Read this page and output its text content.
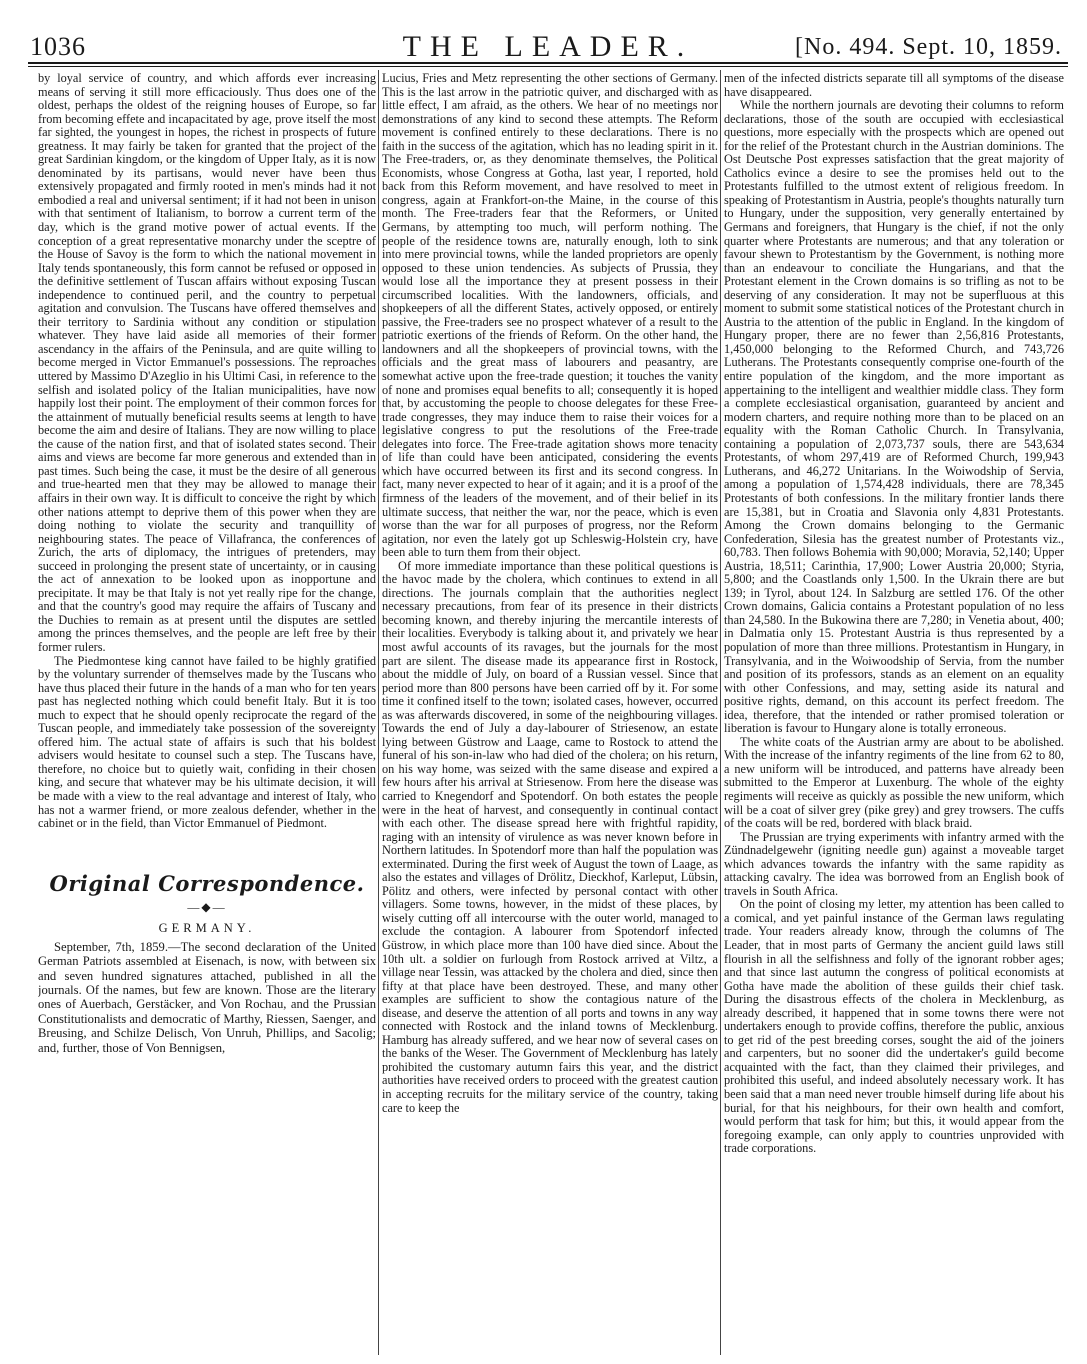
1036	THE LEADER.	[No. 494. Sept. 10, 1859.

by loyal service of country, and which affords ever increasing means of serving it still more efficaciously. Thus does one of the oldest, perhaps the oldest of the reigning houses of Europe, so far from becoming effete and incapacitated by age, prove itself the most far sighted, the youngest in hopes, the richest in prospects of future greatness. It may fairly be taken for granted that the project of the great Sardinian kingdom, or the kingdom of Upper Italy, as it is now denominated by its partisans, would never have been thus extensively propagated and firmly rooted in men's minds had it not embodied a real and universal sentiment; if it had not been in unison with that sentiment of Italianism, to borrow a current term of the day, which is the grand motive power of actual events. If the conception of a great representative monarchy under the sceptre of the House of Savoy is the form to which the national movement in Italy tends spontaneously, this form cannot be refused or opposed in the definitive settlement of Tuscan affairs without exposing Tuscan independence to continued peril, and the country to perpetual agitation and convulsion. The Tuscans have offered themselves and their territory to Sardinia without any condition or stipulation whatever. They have laid aside all memories of their former ascendancy in the affairs of the Peninsula, and are quite willing to become merged in Victor Emmanuel's possessions. The reproaches uttered by Massimo D'Azeglio in his Ultimi Casi, in reference to the selfish and isolated policy of the Italian municipalities, have now happily lost their point. The employment of their common forces for the attainment of mutually beneficial results seems at length to have become the aim and desire of Italians. They are now willing to place the cause of the nation first, and that of isolated states second. Their aims and views are become far more generous and extended than in past times. Such being the case, it must be the desire of all generous and true-hearted men that they may be allowed to manage their affairs in their own way. It is difficult to conceive the right by which other nations attempt to deprive them of this power when they are doing nothing to violate the security and tranquillity of neighbouring states. The peace of Villafranca, the conferences of Zurich, the arts of diplomacy, the intrigues of pretenders, may succeed in prolonging the present state of uncertainty, or in causing the act of annexation to be looked upon as inopportune and precipitate. It may be that Italy is not yet really ripe for the change, and that the country's good may require the affairs of Tuscany and the Duchies to remain as at present until the disputes are settled among the princes themselves, and the people are left free by their former rulers.

The Piedmontese king cannot have failed to be highly gratified by the voluntary surrender of themselves made by the Tuscans who have thus placed their future in the hands of a man who for ten years past has neglected nothing which could benefit Italy. But it is too much to expect that he should openly reciprocate the regard of the Tuscan people, and immediately take possession of the sovereignty offered him. The actual state of affairs is such that his boldest advisers would hesitate to counsel such a step. The Tuscans have, therefore, no choice but to quietly wait, confiding in their chosen king, and secure that whatever may be his ultimate decision, it will be made with a view to the real advantage and interest of Italy, who has not a warmer friend, or more zealous defender, whether in the cabinet or in the field, than Victor Emmanuel of Piedmont.

Original Correspondence.
—◆—
GERMANY.

September, 7th, 1859.—The second declaration of the United German Patriots assembled at Eisenach, is now, with between six and seven hundred signatures attached, published in all the journals. Of the names, but few are known. Those are the literary ones of Auerbach, Gerstäcker, and Von Rochau, and the Prussian Constitutionalists and democratic of Marthy, Riessen, Saenger, and Breusing, and Schilze Delisch, Von Unruh, Phillips, and Sacolig; and, further, those of Von Bennigsen,

Lucius, Fries and Metz representing the other sections of Germany. This is the last arrow in the patriotic quiver, and discharged with as little effect, I am afraid, as the others. We hear of no meetings nor demonstrations of any kind to second these attempts. The Reform movement is confined entirely to these declarations. There is no faith in the success of the agitation, which has no leading spirit in it. The Free-traders, or, as they denominate themselves, the Political Economists, whose Congress at Gotha, last year, I reported, hold back from this Reform movement, and have resolved to meet in congress, again at Frankfort-on-the Maine, in the course of this month. The Free-traders fear that the Reformers, or United Germans, by attempting too much, will perform nothing. The people of the residence towns are, naturally enough, loth to sink into mere provincial towns, while the landed proprietors are openly opposed to these union tendencies. As subjects of Prussia, they would lose all the importance they at present possess in their circumscribed localities. With the landowners, officials, and shopkeepers of all the different States, actively opposed, or entirely passive, the Free-traders see no prospect whatever of a result to the patriotic exertions of the friends of Reform. On the other hand, the landowners and all the shopkeepers of provincial towns, with the officials and the great mass of labourers and peasantry, are somewhat active upon the free-trade question; it touches the vanity of none and promises equal benefits to all; consequently it is hoped that, by accustoming the people to choose delegates for these Free-trade congresses, they may induce them to raise their voices for a legislative congress to put the resolutions of the Free-trade delegates into force. The Free-trade agitation shows more tenacity of life than could have been anticipated, considering the events which have occurred between its first and its second congress. In fact, many never expected to hear of it again; and it is a proof of the firmness of the leaders of the movement, and of their belief in its ultimate success, that neither the war, nor the peace, which is even worse than the war for all purposes of progress, nor the Reform agitation, nor even the lately got up Schleswig-Holstein cry, have been able to turn them from their object.

Of more immediate importance than these political questions is the havoc made by the cholera, which continues to extend in all directions. The journals complain that the authorities neglect necessary precautions, from fear of its presence in their districts becoming known, and thereby injuring the mercantile interests of their localities. Everybody is talking about it, and privately we hear most awful accounts of its ravages, but the journals for the most part are silent. The disease made its appearance first in Rostock, about the middle of July, on board of a Russian vessel. Since that period more than 800 persons have been carried off by it. For some time it confined itself to the town; isolated cases, however, occurred as was afterwards discovered, in some of the neighbouring villages. Towards the end of July a day-labourer of Striesenow, an estate lying between Güstrow and Laage, came to Rostock to attend the funeral of his son-in-law who had died of the cholera; on his return, on his way home, was seized with the same disease and expired a few hours after his arrival at Striesenow. From here the disease was carried to Knegendorf and Spotendorf. On both estates the people were in the heat of harvest, and consequently in continual contact with each other. The disease spread here with frightful rapidity, raging with an intensity of virulence as was never known before in Northern latitudes. In Spotendorf more than half the population was exterminated. During the first week of August the town of Laage, as also the estates and villages of Drölitz, Dieckhof, Karleput, Lübsin, Pölitz and others, were infected by personal contact with other villagers. Some towns, however, in the midst of these places, by wisely cutting off all intercourse with the outer world, managed to exclude the contagion. A labourer from Spotendorf infected Güstrow, in which place more than 100 have died since. About the 10th ult. a soldier on furlough from Rostock arrived at Viltz, a village near Tessin, was attacked by the cholera and died, since then fifty at that place have been destroyed. These, and many other examples are sufficient to show the contagious nature of the disease, and deserve the attention of all ports and towns in any way connected with Rostock and the inland towns of Mecklenburg. Hamburg has already suffered, and we hear now of several cases on the banks of the Weser. The Government of Mecklenburg has lately prohibited the customary autumn fairs this year, and the district authorities have received orders to proceed with the greatest caution in accepting recruits for the military service of the country, taking care to keep the

men of the infected districts separate till all symptoms of the disease have disappeared.

While the northern journals are devoting their columns to reform declarations, those of the south are occupied with ecclesiastical questions, more especially with the prospects which are opened out for the relief of the Protestant church in the Austrian dominions. The Ost Deutsche Post expresses satisfaction that the great majority of Catholics evince a desire to see the promises held out to the Protestants fulfilled to the utmost extent of religious freedom. In speaking of Protestantism in Austria, people's thoughts naturally turn to Hungary, under the supposition, very generally entertained by Germans and foreigners, that Hungary is the chief, if not the only quarter where Protestants are numerous; and that any toleration or favour shewn to Protestantism by the Government, is nothing more than an endeavour to conciliate the Hungarians, and that the Protestant element in the Crown domains is so trifling as not to be deserving of any consideration. It may not be superfluous at this moment to submit some statistical notices of the Protestant church in Austria to the attention of the public in England. In the kingdom of Hungary proper, there are no fewer than 2,56,816 Protestants, 1,450,000 belonging to the Reformed Church, and 743,726 Lutherans. The Protestants consequently comprise one-fourth of the entire population of the kingdom, and the more important as appertaining to the intelligent and wealthier middle class. They form a complete ecclesiastical organisation, guaranteed by ancient and modern charters, and require nothing more than to be placed on an equality with the Roman Catholic Church. In Transylvania, containing a population of 2,073,737 souls, there are 543,634 Protestants, of whom 297,419 are of Reformed Church, 199,943 Lutherans, and 46,272 Unitarians. In the Woiwodship of Servia, among a population of 1,574,428 individuals, there are 78,345 Protestants of both confessions. In the military frontier lands there are 15,381, but in Croatia and Slavonia only 4,831 Protestants. Among the Crown domains belonging to the Germanic Confederation, Silesia has the greatest number of Protestants viz., 60,783. Then follows Bohemia with 90,000; Moravia, 52,140; Upper Austria, 18,511; Carinthia, 17,900; Lower Austria 20,000; Styria, 5,800; and the Coastlands only 1,500. In the Ukrain there are but 139; in Tyrol, about 124. In Salzburg are settled 176. Of the other Crown domains, Galicia contains a Protestant population of no less than 24,580. In the Bukowina there are 7,280; in Venetia about, 400; in Dalmatia only 15. Protestant Austria is thus represented by a population of more than three millions. Protestantism in Hungary, in Transylvania, and in the Woiwoodship of Servia, from the number and position of its professors, stands as an element on an equality with other Confessions, and may, setting aside its natural and positive rights, demand, on this account its perfect freedom. The idea, therefore, that the intended or rather promised toleration or liberation is favour to Hungary alone is totally erroneous.

The white coats of the Austrian army are about to be abolished. With the increase of the infantry regiments of the line from 62 to 80, a new uniform will be introduced, and patterns have already been submitted to the Emperor at Luxenburg. The whole of the eighty regiments will receive as quickly as possible the new uniform, which will be a coat of silver grey (pike grey) and grey trowsers. The cuffs of the coats will be red, bordered with black braid.

The Prussian are trying experiments with infantry armed with the Zündnadelgewehr (igniting needle gun) against a moveable target which advances towards the infantry with the same rapidity as attacking cavalry. The idea was borrowed from an English book of travels in South Africa.

On the point of closing my letter, my attention has been called to a comical, and yet painful instance of the German laws regulating trade. Your readers already know, through the columns of The Leader, that in most parts of Germany the ancient guild laws still flourish in all the selfishness and folly of the ignorant robber ages; and that since last autumn the congress of political economists at Gotha have made the abolition of these guilds their chief task. During the disastrous effects of the cholera in Mecklenburg, as already described, it happened that in some towns there were not undertakers enough to provide coffins, therefore the public, anxious to get rid of the pest breeding corses, sought the aid of the joiners and carpenters, but no sooner did the undertaker's guild become acquainted with the fact, than they claimed their privileges, and prohibited this useful, and indeed absolutely necessary work. It has been said that a man need never trouble himself during life about his burial, for that his neighbours, for their own health and comfort, would perform that task for him; but this, it would appear from the foregoing example, can only apply to countries unprovided with trade corporations.
